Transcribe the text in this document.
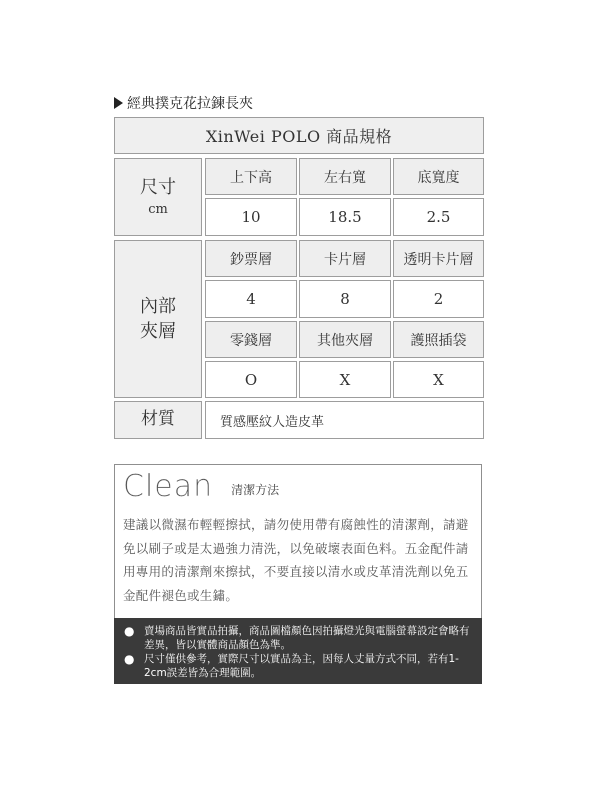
經典撲克花拉鍊長夾
XinWei POLO 商品規格
尺寸
cm
上下高	左右寬	底寬度
10	18.5	2.5
內部
夾層
鈔票層	卡片層	透明卡片層
4	8	2
零錢層	其他夾層	護照插袋
O	X	X
材質	質感壓紋人造皮革
Clean 清潔方法
建議以微濕布輕輕擦拭，請勿使用帶有腐蝕性的清潔劑，請避免以刷子或是太過強力清洗，以免破壞表面色料。五金配件請用專用的清潔劑來擦拭，不要直接以清水或皮革清洗劑以免五金配件褪色或生鏽。
● 賣場商品皆實品拍攝，商品圖檔顏色因拍攝燈光與電腦螢幕設定會略有差異，皆以實體商品顏色為準。
● 尺寸僅供參考，實際尺寸以實品為主，因每人丈量方式不同，若有1-2cm誤差皆為合理範圍。
